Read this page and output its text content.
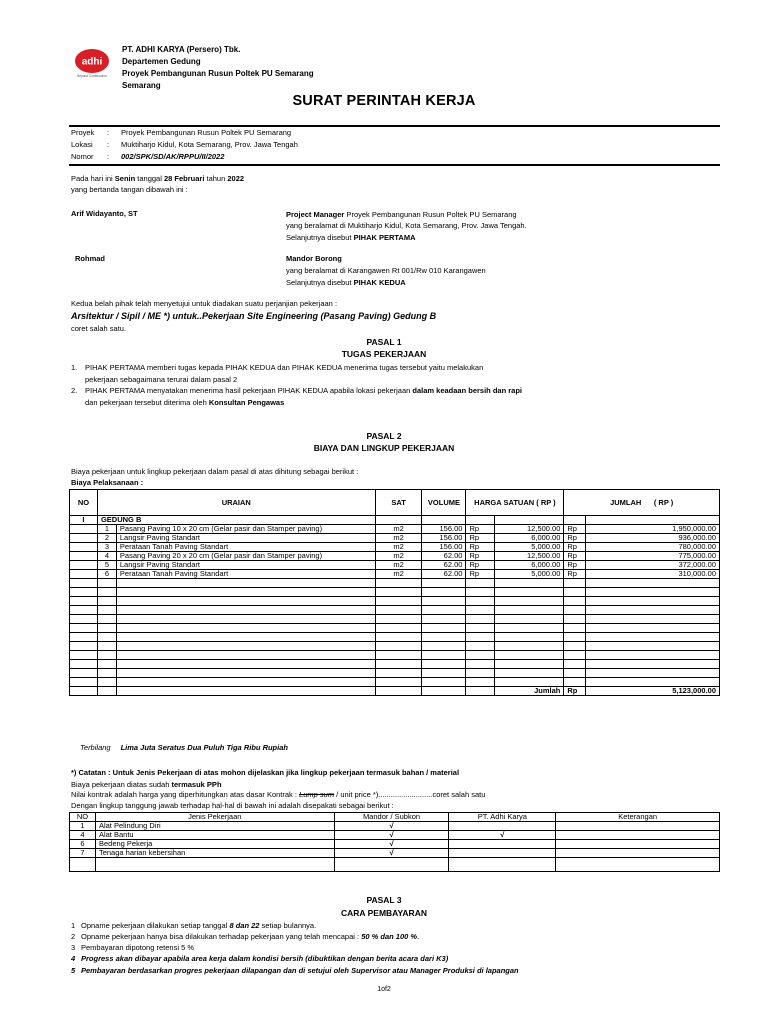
adhi
Beyond Construction
PT. ADHI KARYA (Persero) Tbk.
Departemen Gedung
Proyek Pembangunan Rusun Poltek PU Semarang
Semarang
SURAT PERINTAH KERJA
Proyek	:	Proyek Pembangunan Rusun Poltek PU Semarang
Lokasi	:	Muktiharjo Kidul, Kota Semarang, Prov. Jawa Tengah
Nomor	:	002/SPK/SD/AK/RPPU/II/2022
Pada hari ini Senin tanggal 28 Februari tahun 2022
yang bertanda tangan dibawah ini :
Arif Widayanto, ST	Project Manager Proyek Pembangunan Rusun Poltek PU Semarang
yang beralamat di Muktiharjo Kidul, Kota Semarang, Prov. Jawa Tengah.
Selanjutnya disebut PIHAK PERTAMA
Rohmad	Mandor Borong
yang beralamat di Karangawen Rt 001/Rw 010 Karangawen
Selanjutnya disebut PIHAK KEDUA
Kedua belah pihak telah menyetujui untuk diadakan suatu perjanjian pekerjaan :
Arsitektur / Sipil / ME *) untuk..Pekerjaan Site Engineering (Pasang Paving) Gedung B
coret salah satu.
PASAL 1
TUGAS PEKERJAAN
1. PIHAK PERTAMA memberi tugas kepada PIHAK KEDUA dan PIHAK KEDUA menerima tugas tersebut yaitu melakukan
pekerjaan sebagaimana terurai dalam pasal 2
2. PIHAK PERTAMA menyatakan menerima hasil pekerjaan PIHAK KEDUA apabila lokasi pekerjaan dalam keadaan bersih dan rapi
dan pekerjaan tersebut diterima oleh Konsultan Pengawas
PASAL 2
BIAYA DAN LINGKUP PEKERJAAN
Biaya pekerjaan untuk lingkup pekerjaan dalam pasal di atas dihitung sebagai berikut :
Biaya Pelaksanaan :
NO	URAIAN		SAT	VOLUME	HARGA SATUAN ( RP )		JUMLAH      ( RP )	
I	GEDUNG B							
	1	Pasang Paving 10 x 20 cm (Gelar pasir dan Stamper paving)	m2	156.00	Rp	12,500.00	Rp	1,950,000.00
	2	Langsir Paving Standart	m2	156.00	Rp	6,000.00	Rp	936,000.00
	3	Perataan Tanah Paving Standart	m2	156.00	Rp	5,000.00	Rp	780,000.00
	4	Pasang Paving 20 x 20 cm (Gelar pasir dan Stamper paving)	m2	62.00	Rp	12,500.00	Rp	775,000.00
	5	Langsir Paving Standart	m2	62.00	Rp	6,000.00	Rp	372,000.00
	6	Perataan Tanah Paving Standart	m2	62.00	Rp	5,000.00	Rp	310,000.00

						Jumlah	Rp	5,123,000.00
Terbilang Lima Juta Seratus Dua Puluh Tiga Ribu Rupiah
*) Catatan : Untuk Jenis Pekerjaan di atas mohon dijelaskan jika lingkup pekerjaan termasuk bahan / material
Biaya pekerjaan diatas sudah termasuk PPh
Nilai kontrak adalah harga yang diperhitungkan atas dasar Kontrak : Lump sum / unit price *)..........................coret salah satu
Dengan lingkup tanggung jawab terhadap hal-hal di bawah ini adalah disepakati sebagai berikut :
NO	Jenis Pekerjaan	Mandor / Subkon	PT. Adhi Karya	Keterangan
1	Alat Pelindung Diri	√		
4	Alat Bantu	√	√	
6	Bedeng Pekerja	√		
7	Tenaga harian kebersihan	√		

PASAL 3
CARA PEMBAYARAN
1 Opname pekerjaan dilakukan setiap tanggal 8 dan 22 setiap bulannya.
2 Opname pekerjaan hanya bisa dilakukan terhadap pekerjaan yang telah mencapai : 50 % dan 100 %.
3 Pembayaran dipotong retensi 5 %
4 Progress akan dibayar apabila area kerja dalam kondisi bersih (dibuktikan dengan berita acara dari K3)
5 Pembayaran berdasarkan progres pekerjaan dilapangan dan di setujui oleh Supervisor atau Manager Produksi di lapangan
1of2
